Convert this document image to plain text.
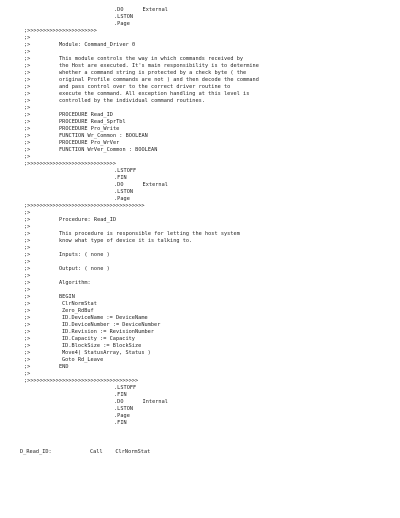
.DO      External
.LSTON
.Page
;>>>>>>>>>>>>>>>>>>>>>>
;>
;>	Module: Command_Driver 0
;>
;>	This module controls the way in which commands received by
;>	the Host are executed. It's main responsibility is to determine
;>	whether a command string is protected by a check byte ( the
;>	original Profile commands are not ) and then decode the command
;>	and pass control over to the correct driver routine to
;>	execute the command. All exception handling at this level is
;>	controlled by the individual command routines.
;>
;>	PROCEDURE Read_ID
;>	PROCEDURE Read_SprTbl
;>	PROCEDURE Pro_Write
;>	FUNCTION Wr_Common : BOOLEAN
;>	PROCEDURE Pro_WrVer
;>	FUNCTION WrVer_Common : BOOLEAN
;>
;>>>>>>>>>>>>>>>>>>>>>>>>>>>>
.LSTOFF
.FIN
.DO      External
.LSTON
.Page
;>>>>>>>>>>>>>>>>>>>>>>>>>>>>>>>>>>>>>
;>
;>	Procedure: Read_ID
;>
;>	This procedure is responsible for letting the host system
;>	know what type of device it is talking to.
;>
;>	Inputs: ( none )
;>
;>	Output: ( none )
;>
;>	Algorithm:
;>
;>	BEGIN
;>	ClrNormStat
;>	Zero_RdBuf
;>	ID.DeviceName := DeviceName
;>	ID.DeviceNumber := DeviceNumber
;>	ID.Revision := RevisionNumber
;>	ID.Capacity := Capacity
;>	ID.BlockSize := BlockSize
;>	Move4( StatusArray, Status )
;>	Goto Rd_Leave
;>	END
;>
;>>>>>>>>>>>>>>>>>>>>>>>>>>>>>>>>>>>
.LSTOFF
.FIN
.DO      Internal
.LSTON
.Page
.FIN
D_Read_ID:	Call    ClrNormStat
